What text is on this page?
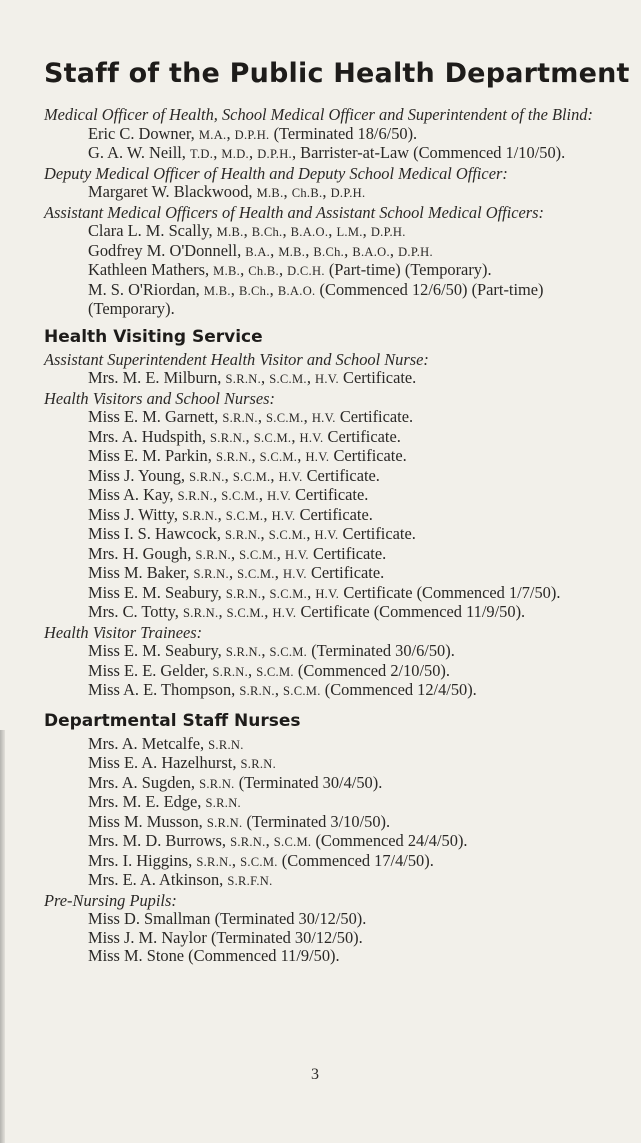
Staff of the Public Health Department
Medical Officer of Health, School Medical Officer and Superintendent of the Blind:
Eric C. Downer, M.A., D.P.H. (Terminated 18/6/50).
G. A. W. Neill, T.D., M.D., D.P.H., Barrister-at-Law (Commenced 1/10/50).
Deputy Medical Officer of Health and Deputy School Medical Officer:
Margaret W. Blackwood, M.B., Ch.B., D.P.H.
Assistant Medical Officers of Health and Assistant School Medical Officers:
Clara L. M. Scally, M.B., B.Ch., B.A.O., L.M., D.P.H.
Godfrey M. O'Donnell, B.A., M.B., B.Ch., B.A.O., D.P.H.
Kathleen Mathers, M.B., Ch.B., D.C.H. (Part-time) (Temporary).
M. S. O'Riordan, M.B., B.Ch., B.A.O. (Commenced 12/6/50) (Part-time) (Temporary).
Health Visiting Service
Assistant Superintendent Health Visitor and School Nurse:
Mrs. M. E. Milburn, S.R.N., S.C.M., H.V. Certificate.
Health Visitors and School Nurses:
Miss E. M. Garnett, S.R.N., S.C.M., H.V. Certificate.
Mrs. A. Hudspith, S.R.N., S.C.M., H.V. Certificate.
Miss E. M. Parkin, S.R.N., S.C.M., H.V. Certificate.
Miss J. Young, S.R.N., S.C.M., H.V. Certificate.
Miss A. Kay, S.R.N., S.C.M., H.V. Certificate.
Miss J. Witty, S.R.N., S.C.M., H.V. Certificate.
Miss I. S. Hawcock, S.R.N., S.C.M., H.V. Certificate.
Mrs. H. Gough, S.R.N., S.C.M., H.V. Certificate.
Miss M. Baker, S.R.N., S.C.M., H.V. Certificate.
Miss E. M. Seabury, S.R.N., S.C.M., H.V. Certificate (Commenced 1/7/50).
Mrs. C. Totty, S.R.N., S.C.M., H.V. Certificate (Commenced 11/9/50).
Health Visitor Trainees:
Miss E. M. Seabury, S.R.N., S.C.M. (Terminated 30/6/50).
Miss E. E. Gelder, S.R.N., S.C.M. (Commenced 2/10/50).
Miss A. E. Thompson, S.R.N., S.C.M. (Commenced 12/4/50).
Departmental Staff Nurses
Mrs. A. Metcalfe, S.R.N.
Miss E. A. Hazelhurst, S.R.N.
Mrs. A. Sugden, S.R.N. (Terminated 30/4/50).
Mrs. M. E. Edge, S.R.N.
Miss M. Musson, S.R.N. (Terminated 3/10/50).
Mrs. M. D. Burrows, S.R.N., S.C.M. (Commenced 24/4/50).
Mrs. I. Higgins, S.R.N., S.C.M. (Commenced 17/4/50).
Mrs. E. A. Atkinson, S.R.F.N.
Pre-Nursing Pupils:
Miss D. Smallman (Terminated 30/12/50).
Miss J. M. Naylor (Terminated 30/12/50).
Miss M. Stone (Commenced 11/9/50).
3
